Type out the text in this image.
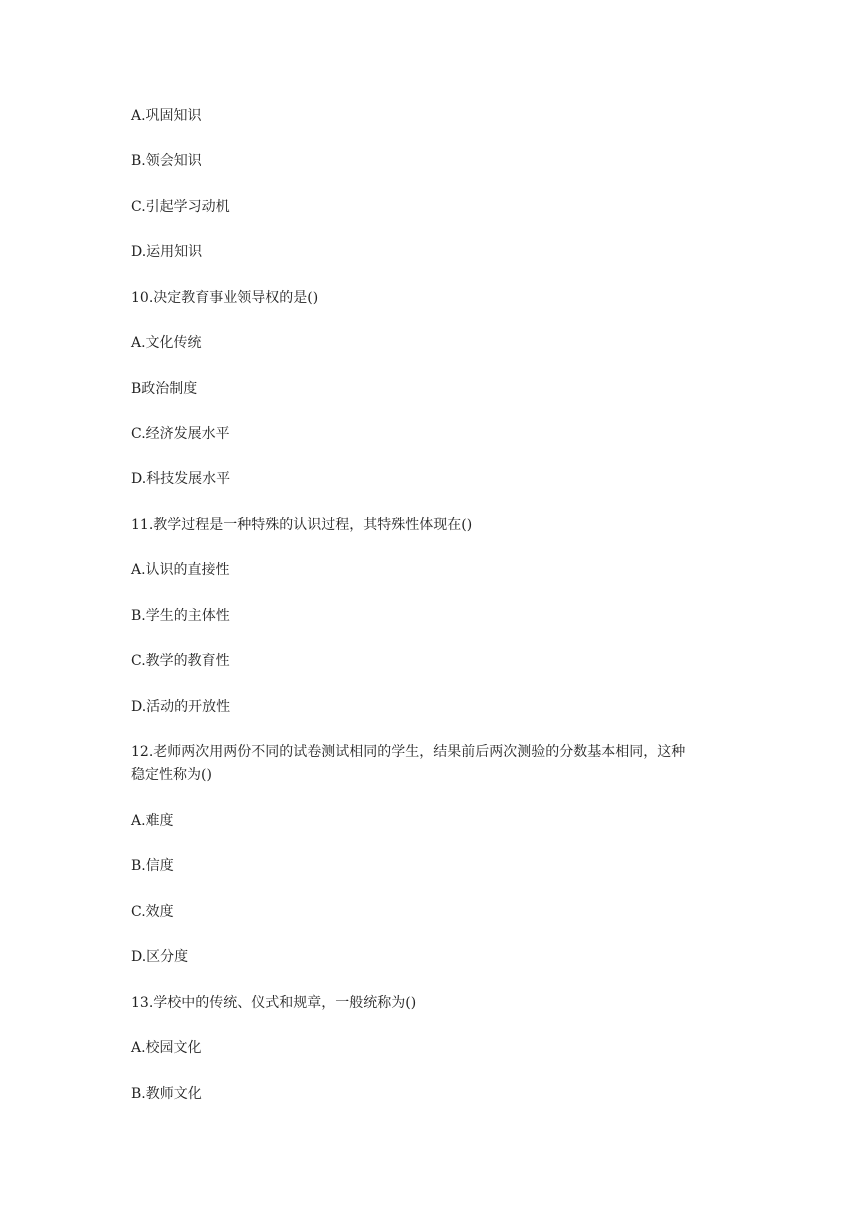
A.巩固知识
B.领会知识
C.引起学习动机
D.运用知识
10.决定教育事业领导权的是()
A.文化传统
B政治制度
C.经济发展水平
D.科技发展水平
11.教学过程是一种特殊的认识过程，其特殊性体现在()
A.认识的直接性
B.学生的主体性
C.教学的教育性
D.活动的开放性
12.老师两次用两份不同的试卷测试相同的学生，结果前后两次测验的分数基本相同，这种
稳定性称为()
A.难度
B.信度
C.效度
D.区分度
13.学校中的传统、仪式和规章，一般统称为()
A.校园文化
B.教师文化
